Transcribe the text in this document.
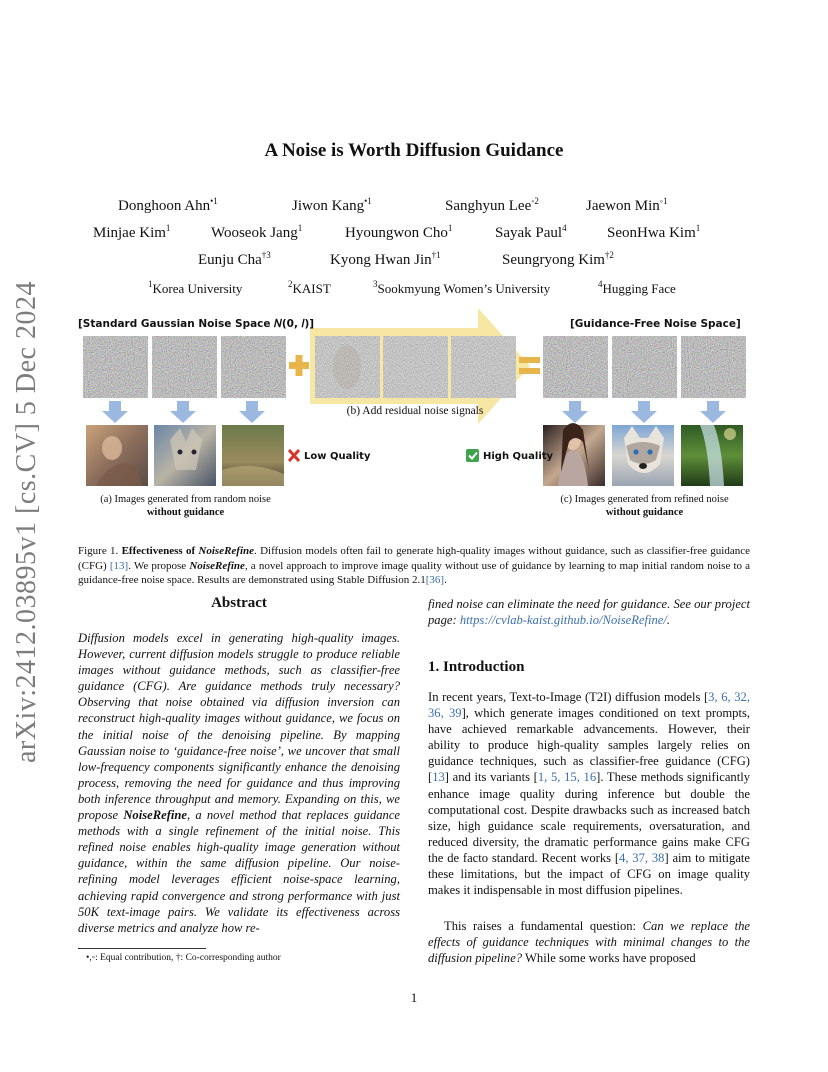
arXiv:2412.03895v1 [cs.CV] 5 Dec 2024
A Noise is Worth Diffusion Guidance
Donghoon Ahn$^{•1}$	Jiwon Kang$^{•1}$	Sanghyun Lee$^{◦2}$	Jaewon Min$^{◦1}$
Minjae Kim$^1$	Wooseok Jang$^1$	Hyoungwon Cho$^1$	Sayak Paul$^4$	SeonHwa Kim$^1$
Eunju Cha$^{\dagger 3}$	Kyong Hwan Jin$^{\dagger 1}$	Seungryong Kim$^{\dagger 2}$
$^1$Korea University	$^2$KAIST	$^3$Sookmyung Women’s University	$^4$Hugging Face
[Standard Gaussian Noise Space 𝑁(0, 𝐼)]	[Guidance-Free Noise Space]
(b) Add residual noise signals
Low Quality	High Quality
(a) Images generated from random noise
without guidance
(c) Images generated from refined noise
without guidance
Figure 1. Effectiveness of NoiseRefine. Diffusion models often fail to generate high-quality images without guidance, such as classifier-free guidance (CFG) [13]. We propose NoiseRefine, a novel approach to improve image quality without use of guidance by learning to map initial random noise to a guidance-free noise space. Results are demonstrated using Stable Diffusion 2.1[36].
Abstract
Diffusion models excel in generating high-quality images. However, current diffusion models struggle to produce reliable images without guidance methods, such as classifier-free guidance (CFG). Are guidance methods truly necessary? Observing that noise obtained via diffusion inversion can reconstruct high-quality images without guidance, we focus on the initial noise of the denoising pipeline. By mapping Gaussian noise to ‘guidance-free noise’, we uncover that small low-frequency components significantly enhance the denoising process, removing the need for guidance and thus improving both inference throughput and memory. Expanding on this, we propose NoiseRefine, a novel method that replaces guidance methods with a single refinement of the initial noise. This refined noise enables high-quality image generation without guidance, within the same diffusion pipeline. Our noise-refining model leverages efficient noise-space learning, achieving rapid convergence and strong performance with just 50K text-image pairs. We validate its effectiveness across diverse metrics and analyze how re-
•,◦: Equal contribution, †: Co-corresponding author
fined noise can eliminate the need for guidance. See our project page: https://cvlab-kaist.github.io/NoiseRefine/.
1. Introduction
In recent years, Text-to-Image (T2I) diffusion models [3, 6, 32, 36, 39], which generate images conditioned on text prompts, have achieved remarkable advancements. However, their ability to produce high-quality samples largely relies on guidance techniques, such as classifier-free guidance (CFG) [13] and its variants [1, 5, 15, 16]. These methods significantly enhance image quality during inference but double the computational cost. Despite drawbacks such as increased batch size, high guidance scale requirements, oversaturation, and reduced diversity, the dramatic performance gains make CFG the de facto standard. Recent works [4, 37, 38] aim to mitigate these limitations, but the impact of CFG on image quality makes it indispensable in most diffusion pipelines.
This raises a fundamental question: Can we replace the effects of guidance techniques with minimal changes to the diffusion pipeline? While some works have proposed
1
